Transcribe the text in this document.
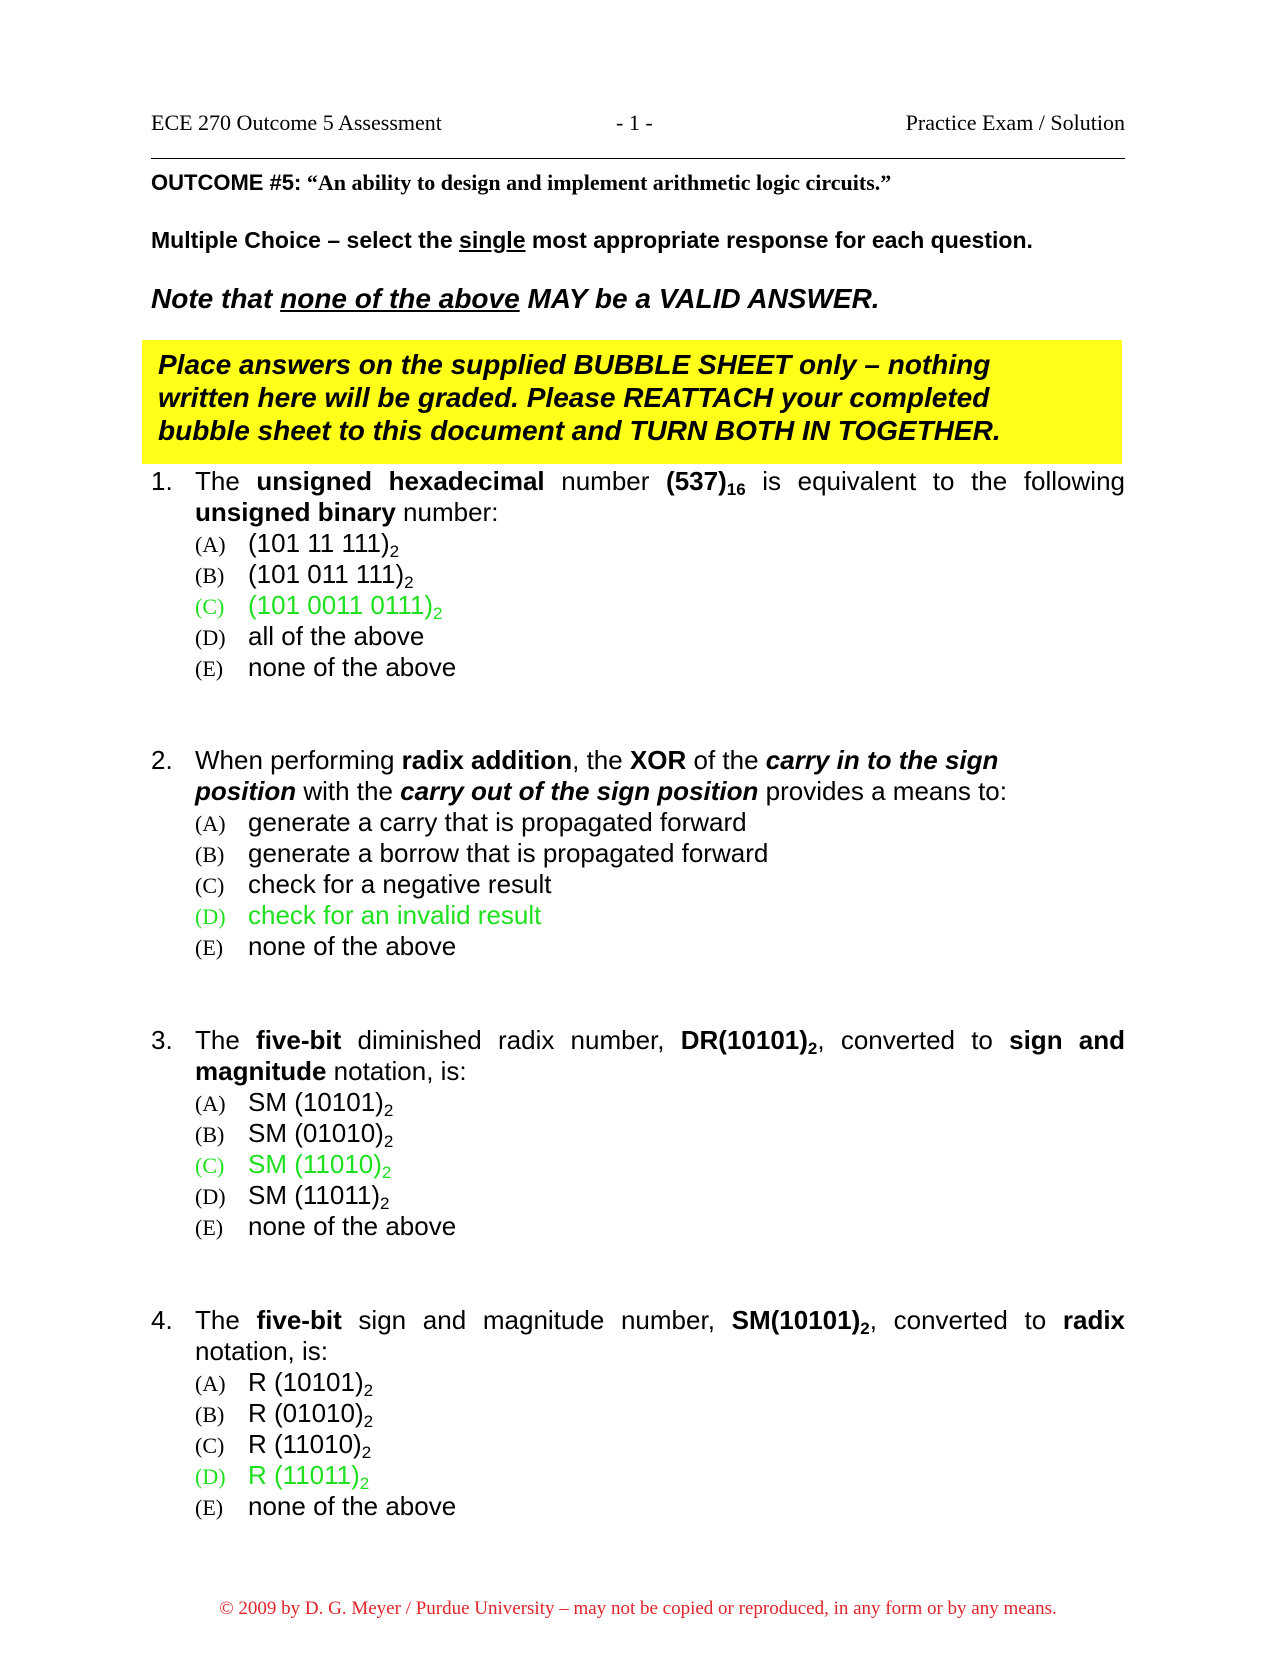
ECE 270 Outcome 5 Assessment	- 1 -	Practice Exam / Solution
OUTCOME #5: “An ability to design and implement arithmetic logic circuits.”
Multiple Choice – select the single most appropriate response for each question.
Note that none of the above MAY be a VALID ANSWER.
Place answers on the supplied BUBBLE SHEET only – nothing
written here will be graded. Please REATTACH your completed
bubble sheet to this document and TURN BOTH IN TOGETHER.
1. The unsigned hexadecimal number $(537)_{16}$ is equivalent to the following
unsigned binary number:
(A) (101 11 $111)_2$
(B) (101 011 $111)_2$
(C) (101 0011 $0111)_2$
(D) all of the above
(E) none of the above
2. When performing radix addition, the XOR of the carry in to the sign
position with the carry out of the sign position provides a means to:
(A) generate a carry that is propagated forward
(B) generate a borrow that is propagated forward
(C) check for a negative result
(D) check for an invalid result
(E) none of the above
3. The five-bit diminished radix number, $DR(10101)_2$, converted to sign and
magnitude notation, is:
(A) SM $(10101)_2$
(B) SM $(01010)_2$
(C) SM $(11010)_2$
(D) SM $(11011)_2$
(E) none of the above
4. The five-bit sign and magnitude number, $SM(10101)_2$, converted to radix
notation, is:
(A) R $(10101)_2$
(B) R $(01010)_2$
(C) R $(11010)_2$
(D) R $(11011)_2$
(E) none of the above
© 2009 by D. G. Meyer / Purdue University – may not be copied or reproduced, in any form or by any means.
